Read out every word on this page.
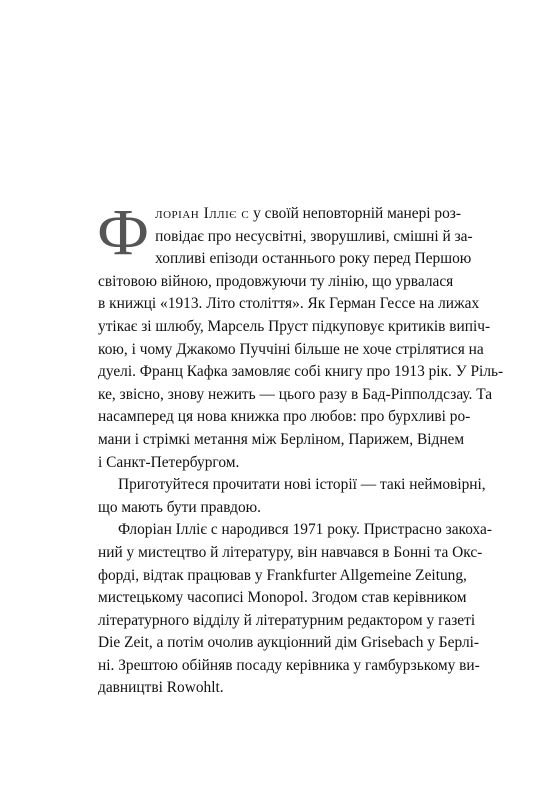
Ф лоріан Ілліє с у своїй неповторній манері роз-
повідає про несусвітні, зворушливі, смішні й за-
хопливі епізоди останнього року перед Першою
світовою війною, продовжуючи ту лінію, що урвалася
в книжці «1913. Літо століття». Як Герман Гессе на лижах
утікає зі шлюбу, Марсель Пруст підкуповує критиків випіч-
кою, і чому Джакомо Пуччіні більше не хоче стрілятися на
дуелі. Франц Кафка замовляє собі книгу про 1913 рік. У Ріль-
ке, звісно, знову нежить — цього разу в Бад-Ріпполдсзау. Та
насамперед ця нова книжка про любов: про бурхливі ро-
мани і стрімкі метання між Берліном, Парижем, Віднем
і Санкт-Петербургом.
Приготуйтеся прочитати нові історії — такі неймовірні,
що мають бути правдою.
Флоріан Ілліє с народився 1971 року. Пристрасно закоха-
ний у мистецтво й літературу, він навчався в Бонні та Окс-
форді, відтак працював у Frankfurter Allgemeine Zeitung,
мистецькому часописі Monopol. Згодом став керівником
літературного відділу й літературним редактором у газеті
Die Zeit, а потім очолив аукціонний дім Grisebach у Берлі-
ні. Зрештою обійняв посаду керівника у гамбурзькому ви-
давництві Rowohlt.
